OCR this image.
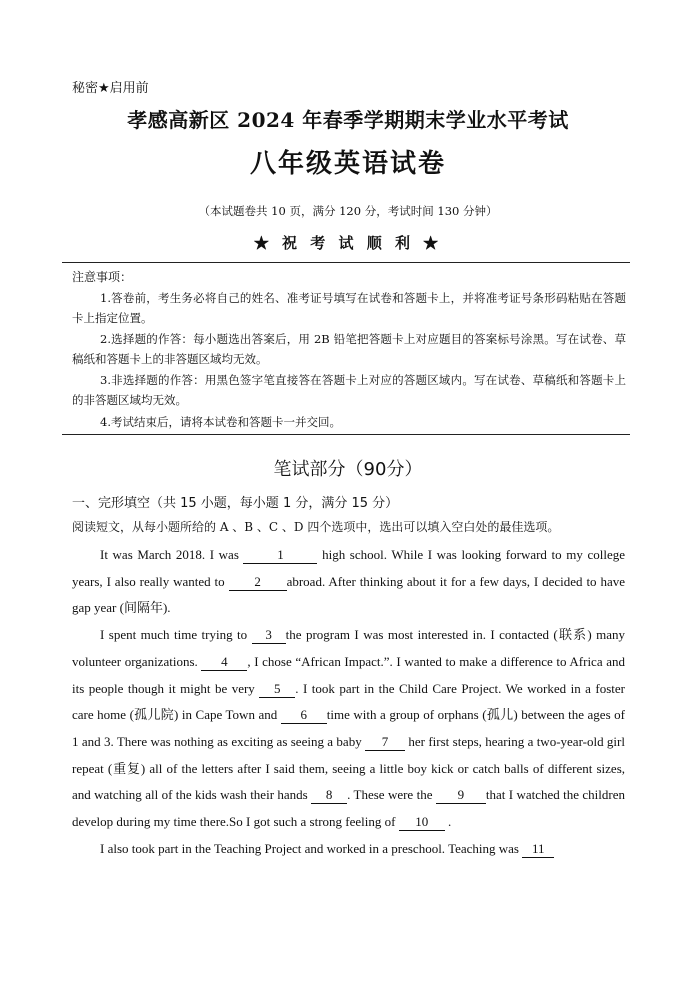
秘密★启用前
孝感高新区 2024 年春季学期期末学业水平考试
八年级英语试卷
（本试题卷共 10 页，满分 120 分，考试时间 130 分钟）
★ 祝 考 试 顺 利 ★
注意事项：
1.答卷前，考生务必将自己的姓名、准考证号填写在试卷和答题卡上，并将准考证号条形码粘贴在答题卡上指定位置。
2.选择题的作答：每小题选出答案后，用 2B 铅笔把答题卡上对应题目的答案标号涂黑。写在试卷、草稿纸和答题卡上的非答题区域均无效。
3.非选择题的作答：用黑色签字笔直接答在答题卡上对应的答题区域内。写在试卷、草稿纸和答题卡上的非答题区域均无效。
4.考试结束后，请将本试卷和答题卡一并交回。
笔试部分（90分）
一、完形填空（共 15 小题，每小题 1 分，满分 15 分）
阅读短文，从每小题所给的 A 、B 、C 、D 四个选项中，选出可以填入空白处的最佳选项。

It was March 2018. I was	1	high school. While I was looking forward to my college years, I also really wanted to 2 abroad. After thinking about it for a few days, I decided to have gap year (间隔年).

I spent much time trying to 3 the program I was most interested in. I contacted (联系) many volunteer organizations. 4 , I chose “African Impact.”. I wanted to make a difference to Africa and its people though it might be very 5 . I took part in the Child Care Project. We worked in a foster care home (孤儿院) in Cape Town and 6 time with a group of orphans (孤儿) between the ages of 1 and 3. There was nothing as exciting as seeing a baby 7 her first steps, hearing a two-year-old girl repeat (重复) all of the letters after I said them, seeing a little boy kick or catch balls of different sizes, and watching all of the kids wash their hands 8 . These were the 9 that I watched the children develop during my time there.So I got such a strong feeling of 10 .

I also took part in the Teaching Project and worked in a preschool. Teaching was 11
